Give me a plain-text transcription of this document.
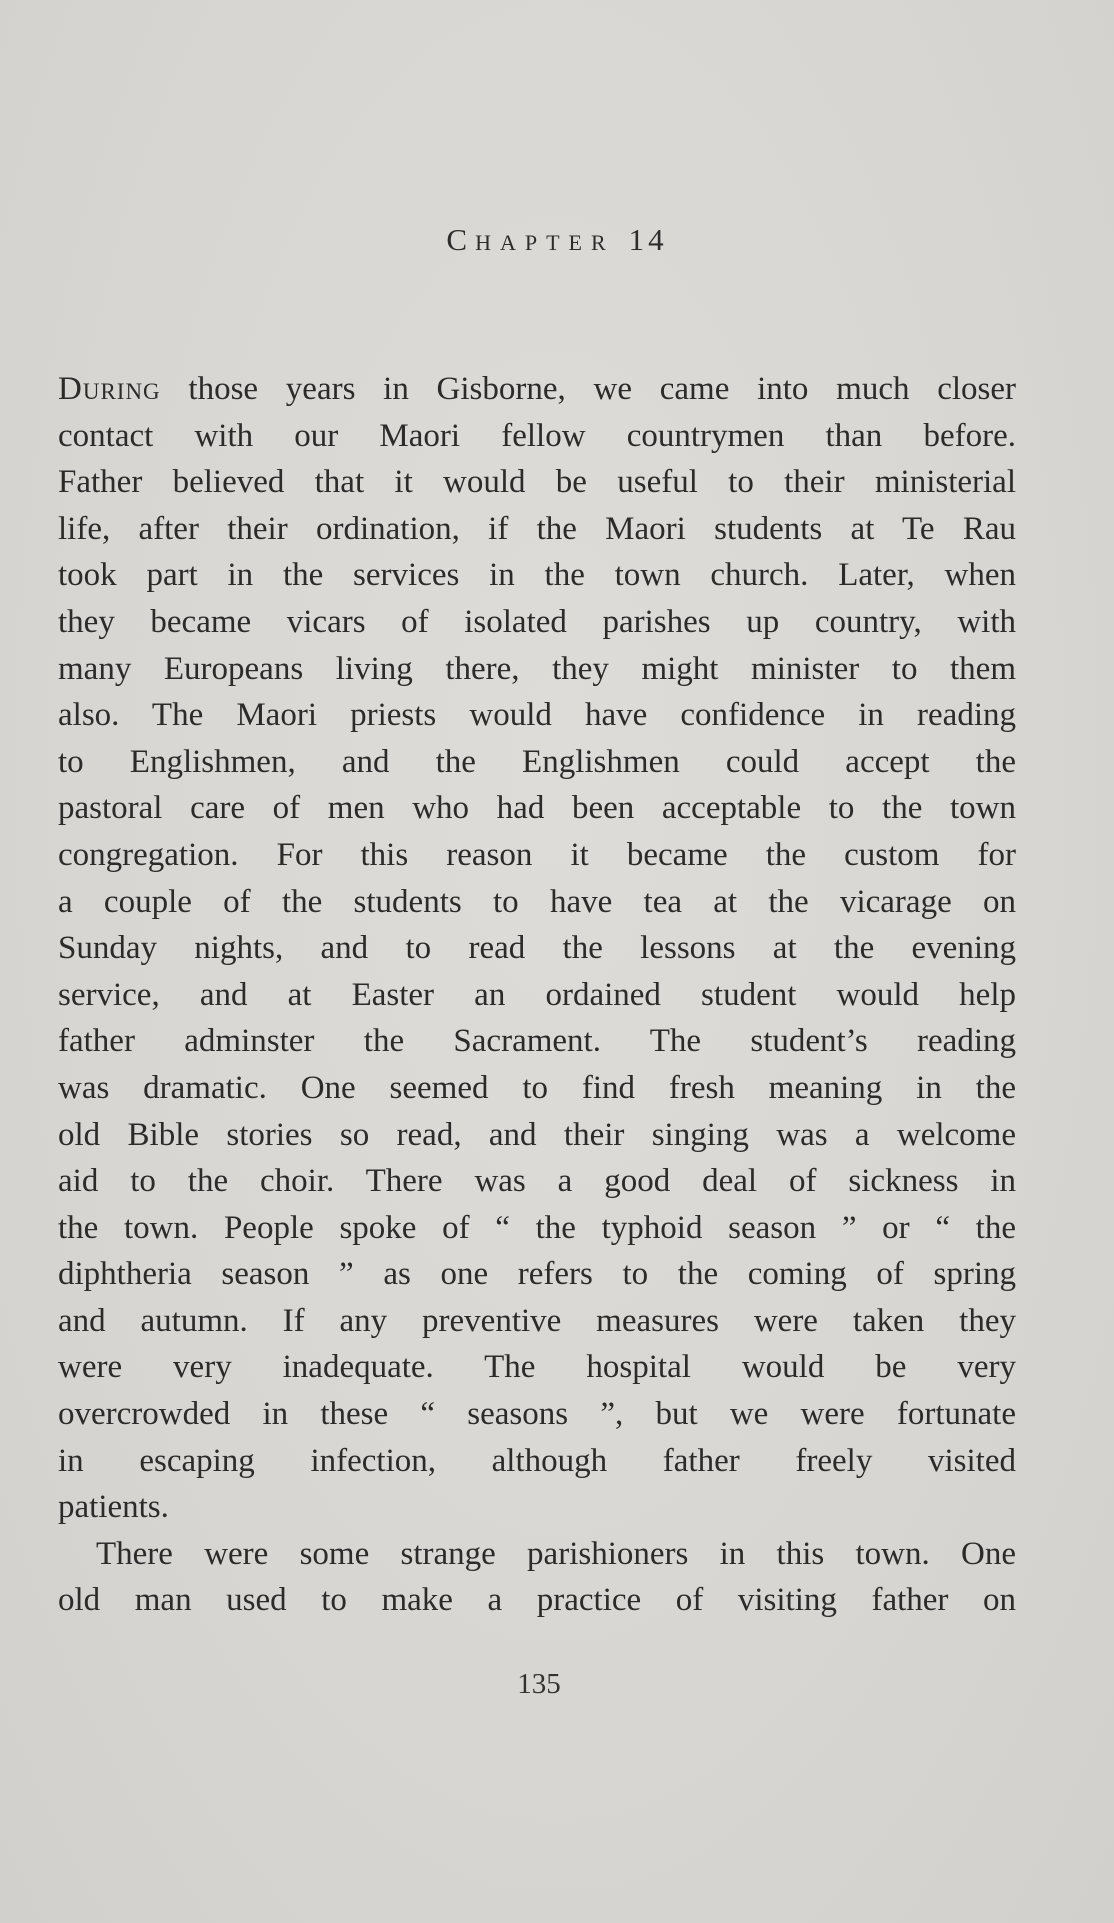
CHAPTER 14
During those years in Gisborne, we came into much closer
contact with our Maori fellow countrymen than before.
Father believed that it would be useful to their ministerial
life, after their ordination, if the Maori students at Te Rau
took part in the services in the town church. Later, when
they became vicars of isolated parishes up country, with
many Europeans living there, they might minister to them
also. The Maori priests would have confidence in reading
to Englishmen, and the Englishmen could accept the
pastoral care of men who had been acceptable to the town
congregation. For this reason it became the custom for
a couple of the students to have tea at the vicarage on
Sunday nights, and to read the lessons at the evening
service, and at Easter an ordained student would help
father adminster the Sacrament. The student’s reading
was dramatic. One seemed to find fresh meaning in the
old Bible stories so read, and their singing was a welcome
aid to the choir. There was a good deal of sickness in
the town. People spoke of “ the typhoid season ” or “ the
diphtheria season ” as one refers to the coming of spring
and autumn. If any preventive measures were taken they
were very inadequate. The hospital would be very
overcrowded in these “ seasons ”, but we were fortunate
in escaping infection, although father freely visited
patients.
There were some strange parishioners in this town. One
old man used to make a practice of visiting father on
135
